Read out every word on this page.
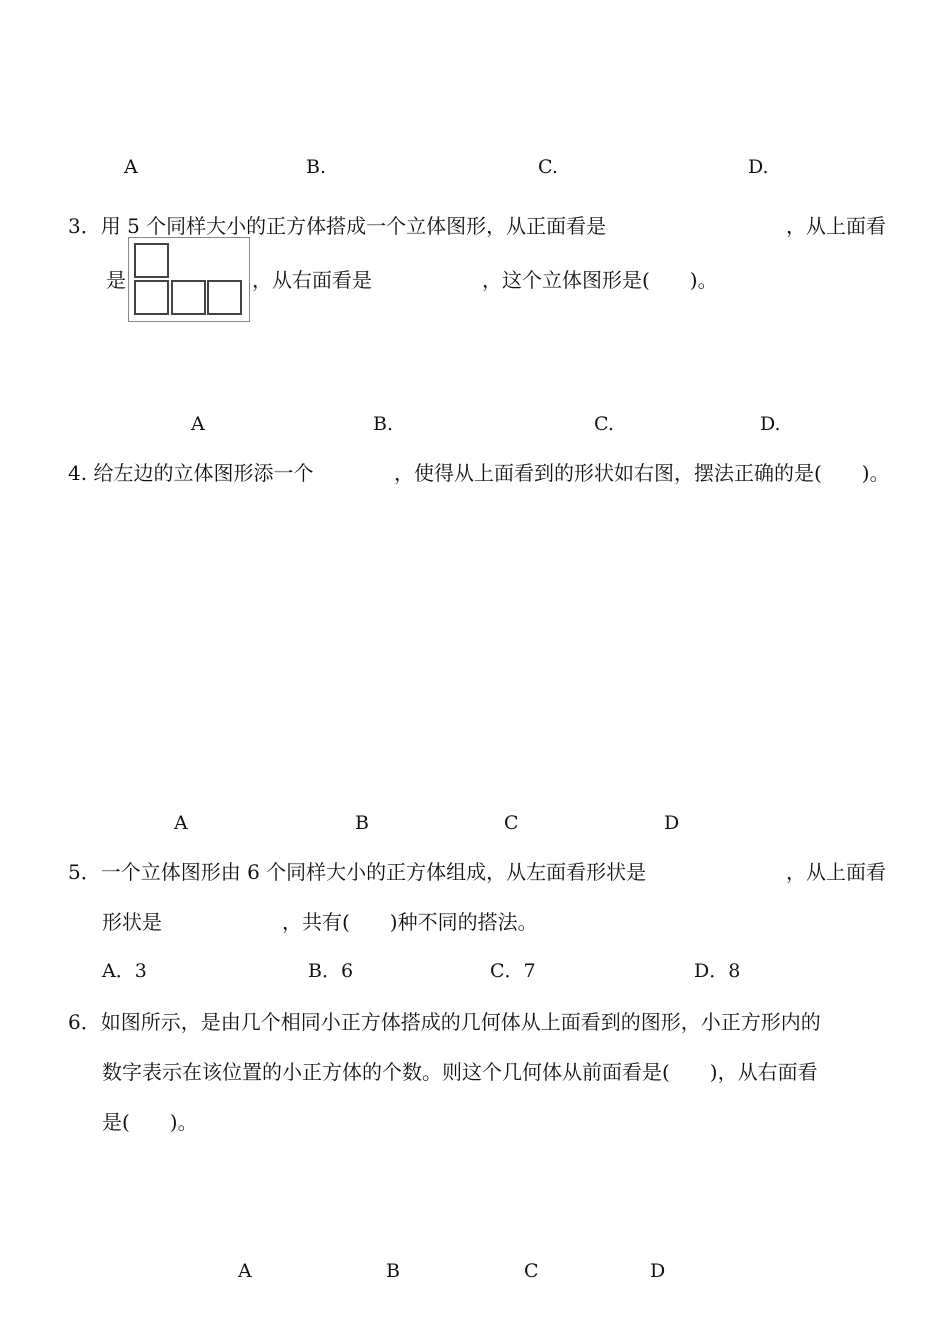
A	B.	C.	D.
3．用 5 个同样大小的正方体搭成一个立体图形，从正面看是	，从上面看
是	，从右面看是	，这个立体图形是(　　)。
A	B.	C.	D.
4. 给左边的立体图形添一个	，使得从上面看到的形状如右图，摆法正确的是(　　)。
A	B	C	D
5．一个立体图形由 6 个同样大小的正方体组成，从左面看形状是	，从上面看
形状是	，共有(　　)种不同的搭法。
A．3	B．6	C．7	D．8
6．如图所示，是由几个相同小正方体搭成的几何体从上面看到的图形，小正方形内的
数字表示在该位置的小正方体的个数。则这个几何体从前面看是(　　)，从右面看
是(　　)。
A	B	C	D
